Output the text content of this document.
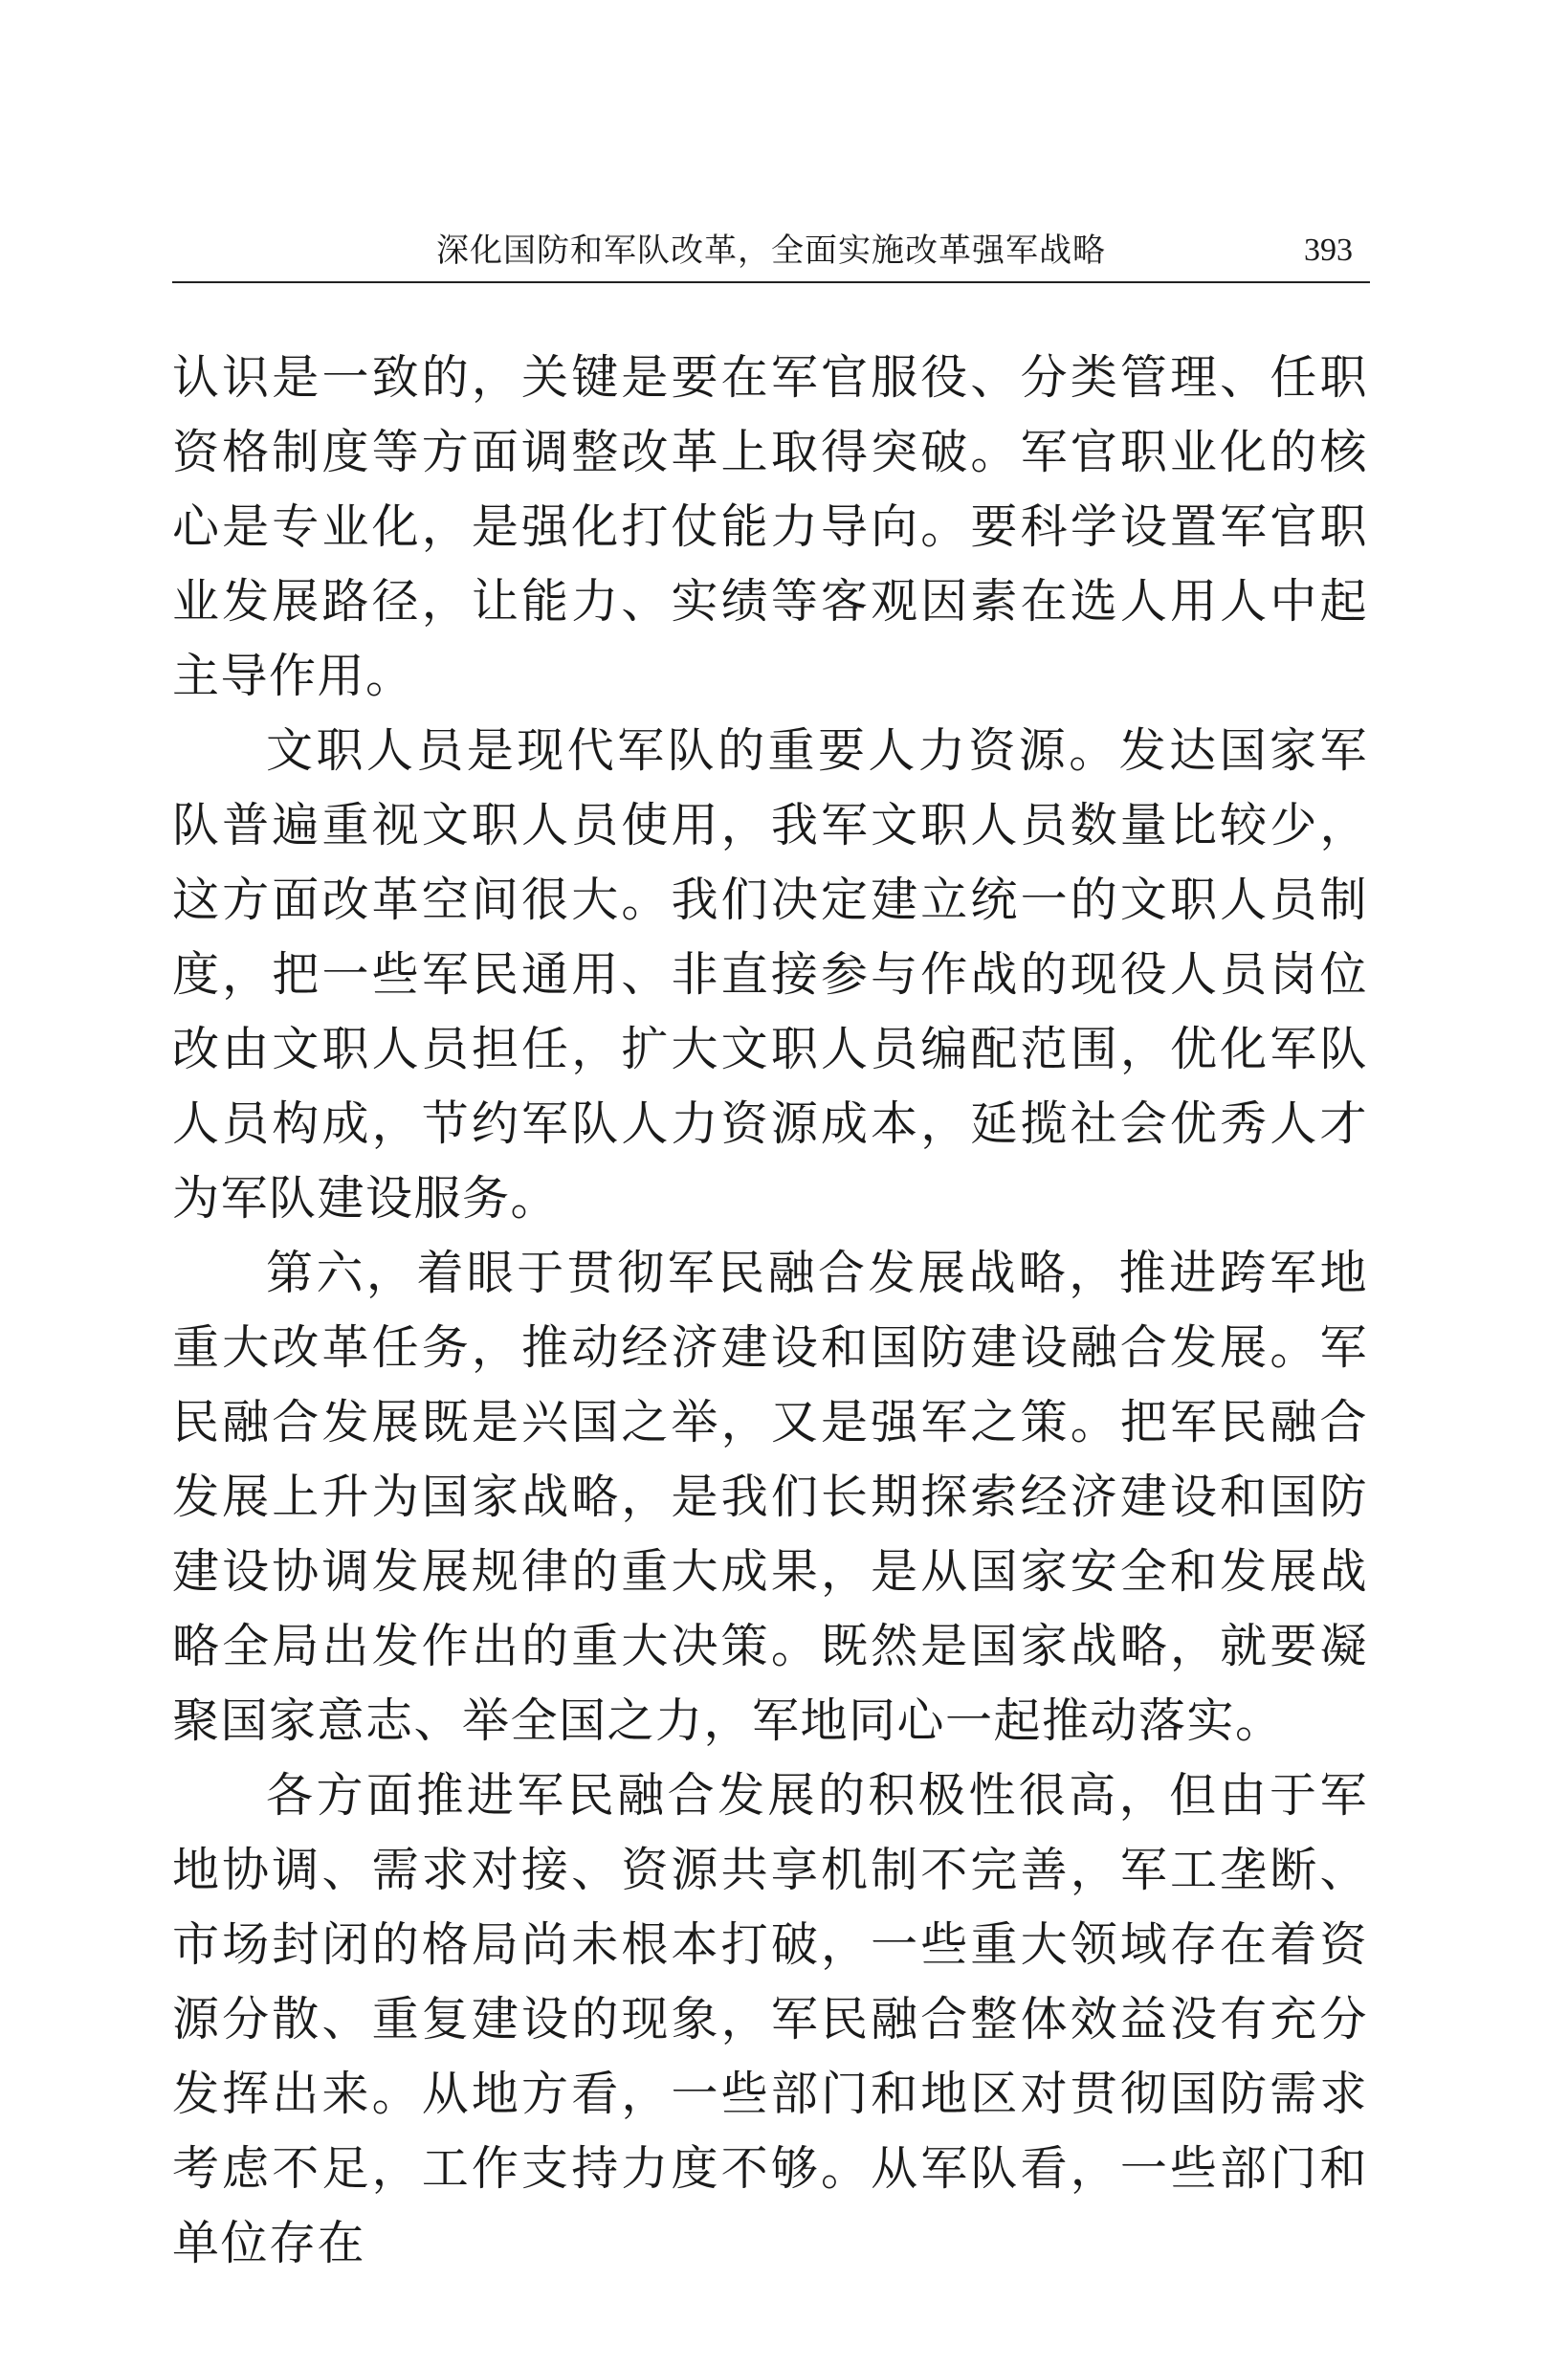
深化国防和军队改革，全面实施改革强军战略	393

认识是一致的，关键是要在军官服役、分类管理、任职资格制度等方面调整改革上取得突破。军官职业化的核心是专业化，是强化打仗能力导向。要科学设置军官职业发展路径，让能力、实绩等客观因素在选人用人中起主导作用。

文职人员是现代军队的重要人力资源。发达国家军队普遍重视文职人员使用，我军文职人员数量比较少，这方面改革空间很大。我们决定建立统一的文职人员制度，把一些军民通用、非直接参与作战的现役人员岗位改由文职人员担任，扩大文职人员编配范围，优化军队人员构成，节约军队人力资源成本，延揽社会优秀人才为军队建设服务。

第六，着眼于贯彻军民融合发展战略，推进跨军地重大改革任务，推动经济建设和国防建设融合发展。军民融合发展既是兴国之举，又是强军之策。把军民融合发展上升为国家战略，是我们长期探索经济建设和国防建设协调发展规律的重大成果，是从国家安全和发展战略全局出发作出的重大决策。既然是国家战略，就要凝聚国家意志、举全国之力，军地同心一起推动落实。

各方面推进军民融合发展的积极性很高，但由于军地协调、需求对接、资源共享机制不完善，军工垄断、市场封闭的格局尚未根本打破，一些重大领域存在着资源分散、重复建设的现象，军民融合整体效益没有充分发挥出来。从地方看，一些部门和地区对贯彻国防需求考虑不足，工作支持力度不够。从军队看，一些部门和单位存在
